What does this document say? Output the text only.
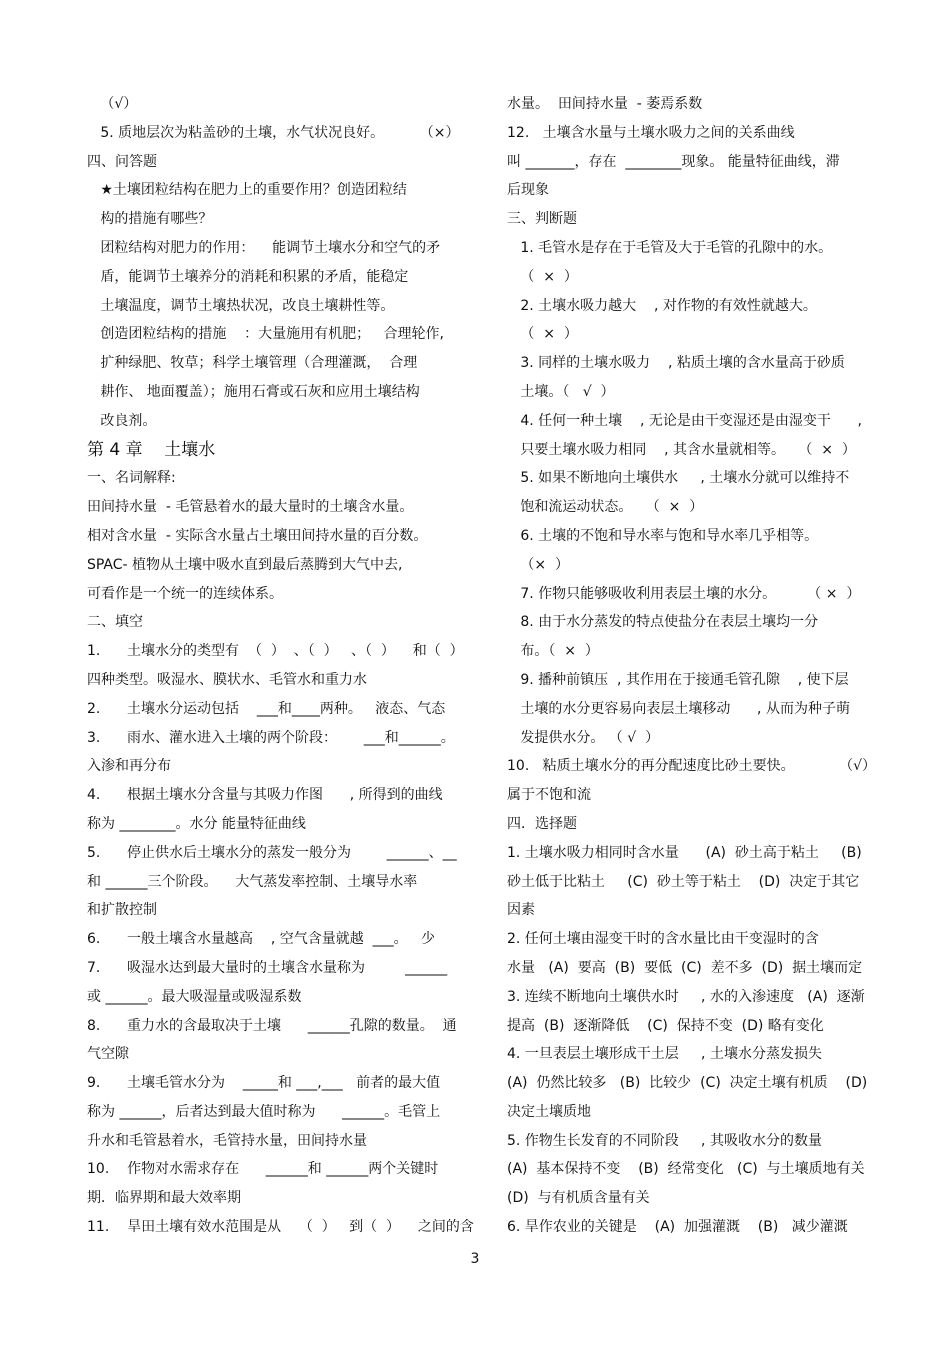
（√）
5. 质地层次为粘盖砂的土壤，水气状况良好。        （×）
四、问答题
★土壤团粒结构在肥力上的重要作用？创造团粒结
构的措施有哪些？
团粒结构对肥力的作用：    能调节土壤水分和空气的矛
盾，能调节土壤养分的消耗和积累的矛盾，能稳定
土壤温度，调节土壤热状况，改良土壤耕性等。
创造团粒结构的措施    ：大量施用有机肥；   合理轮作,
扩种绿肥、牧草；科学土壤管理（合理灌溉，  合理
耕作、 地面覆盖）；施用石膏或石灰和应用土壤结构
改良剂。
第 4 章    土壤水
一、名词解释:
田间持水量  - 毛管悬着水的最大量时的土壤含水量。
相对含水量  - 实际含水量占土壤田间持水量的百分数。
SPAC- 植物从土壤中吸水直到最后蒸腾到大气中去,
可看作是一个统一的连续体系。
二、填空
1.      土壤水分的类型有  （  ）  、（  ）   、（  ）    和（  ）
四种类型。吸湿水、膜状水、毛管水和重力水
2.      土壤水分运动包括    ___和____两种。   液态、气态
3.      雨水、灌水进入土壤的两个阶段：      ___和______。
入渗和再分布
4.      根据土壤水分含量与其吸力作图      , 所得到的曲线
称为 ________。水分 能量特征曲线
5.      停止供水后土壤水分的蒸发一般分为        ______、__
和 ______三个阶段。    大气蒸发率控制、土壤导水率
和扩散控制
6.      一般土壤含水量越高    , 空气含量就越  ___。   少
7.      吸湿水达到最大量时的土壤含水量称为         ______
或 ______。最大吸湿量或吸湿系数
8.      重力水的含最取决于土壤      ______孔隙的数量。  通
气空隙
9.      土壤毛管水分为    _____和 ___,___   前者的最大值
称为 ______，后者达到最大值时称为      ______。毛管上
升水和毛管悬着水，毛管持水量，田间持水量
10.    作物对水需求存在      ______和 ______两个关键时
期．临界期和最大效率期
11.    旱田土壤有效水范围是从    （  ）   到（  ）    之间的含
水量。  田间持水量  - 萎焉系数
12.   土壤含水量与土壤水吸力之间的关系曲线
叫 _______，存在  ________现象。 能量特征曲线，滞
后现象
三、判断题
1. 毛管水是存在于毛管及大于毛管的孔隙中的水。
（  ×  ）
2. 土壤水吸力越大    , 对作物的有效性就越大。
（  ×  ）
3. 同样的土壤水吸力    , 粘质土壤的含水量高于砂质
土壤。（   √  ）
4. 任何一种土壤    , 无论是由干变湿还是由湿变干      ,
只要土壤水吸力相同    , 其含水量就相等。   （  ×  ）
5. 如果不断地向土壤供水     , 土壤水分就可以维持不
饱和流运动状态。   （  ×  ）
6. 土壤的不饱和导水率与饱和导水率几乎相等。
（×  ）
7. 作物只能够吸收利用表层土壤的水分。       （ ×  ）
8. 由于水分蒸发的特点使盐分在表层土壤均一分
布。（  ×  ）
9. 播种前镇压  , 其作用在于接通毛管孔隙    , 使下层
土壤的水分更容易向表层土壤移动      , 从而为种子萌
发提供水分。 （ √  ）
10.   粘质土壤水分的再分配速度比砂土要快。          （√）
属于不饱和流
四．选择题
1. 土壤水吸力相同时含水量      (A)  砂土高于粘土     (B)
砂土低于比粘土     (C)  砂土等于粘土    (D)  决定于其它
因素
2. 任何土壤由湿变干时的含水量比由干变湿时的含
水量   (A)  要高  (B)  要低  (C)  差不多  (D)  据土壤而定
3. 连续不断地向土壤供水时     , 水的入渗速度   (A)  逐渐
提高  (B)  逐渐降低    (C)  保持不变  (D) 略有变化
4. 一旦表层土壤形成干土层     , 土壤水分蒸发损失
(A)  仍然比较多   (B)  比较少  (C)  决定土壤有机质    (D)
决定土壤质地
5. 作物生长发育的不同阶段     , 其吸收水分的数量
(A)  基本保持不变    (B)  经常变化   (C)  与土壤质地有关
(D)  与有机质含量有关
6. 旱作农业的关键是    (A)  加强灌溉    (B)   减少灌溉
3
